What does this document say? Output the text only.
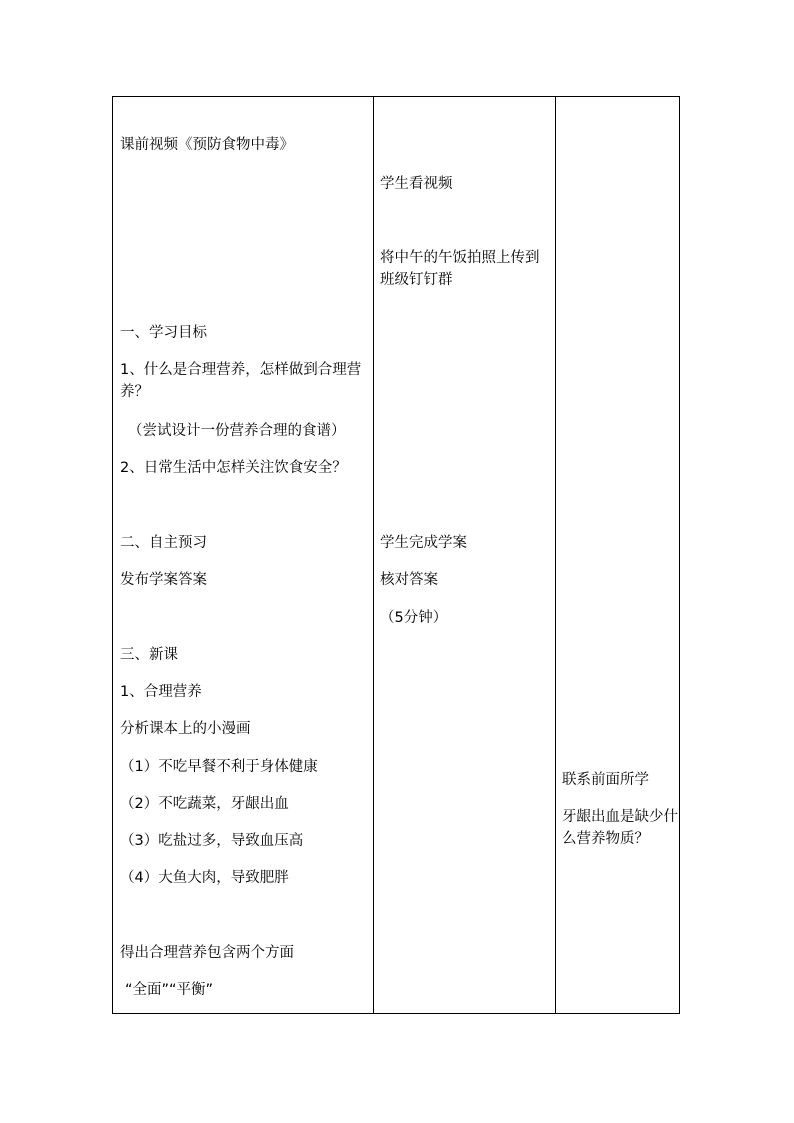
课前视频《预防食物中毒》
一、学习目标
1、什么是合理营养，怎样做到合理营养？
（尝试设计一份营养合理的食谱）
2、日常生活中怎样关注饮食安全？
二、自主预习
发布学案答案
三、新课
1、合理营养
分析课本上的小漫画
（1）不吃早餐不利于身体健康
（2）不吃蔬菜，牙龈出血
（3）吃盐过多，导致血压高
（4）大鱼大肉，导致肥胖
得出合理营养包含两个方面
“全面”“平衡”
学生看视频
将中午的午饭拍照上传到班级钉钉群
学生完成学案
核对答案
（5分钟）
联系前面所学
牙龈出血是缺少什么营养物质？
